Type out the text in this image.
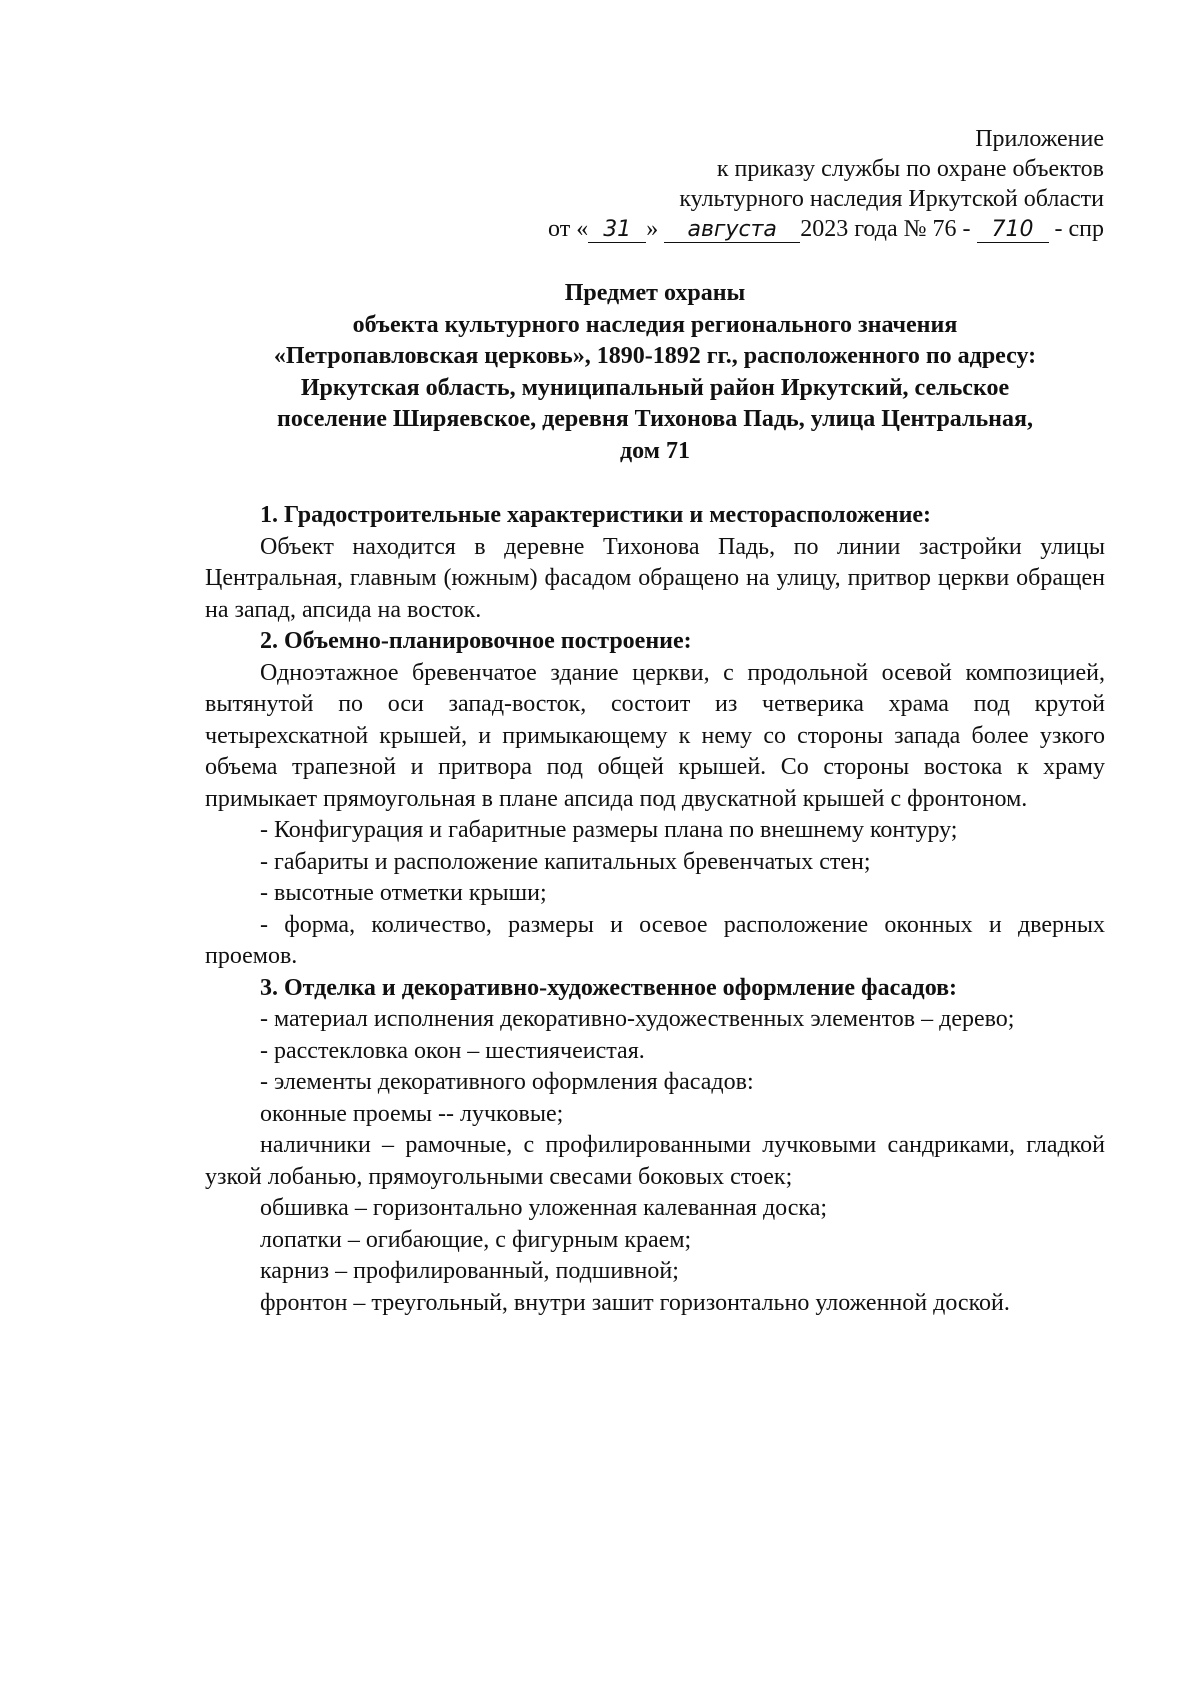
Приложение
к приказу службы по охране объектов
культурного наследия Иркутской области
от « 31 » августа 2023 года № 76 - 710 - спр
Предмет охраны
объекта культурного наследия регионального значения
«Петропавловская церковь», 1890-1892 гг., расположенного по адресу:
Иркутская область, муниципальный район Иркутский, сельское
поселение Ширяевское, деревня Тихонова Падь, улица Центральная,
дом 71

1. Градостроительные характеристики и месторасположение:

Объект находится в деревне Тихонова Падь, по линии застройки улицы Центральная, главным (южным) фасадом обращено на улицу, притвор церкви обращен на запад, апсида на восток.

2. Объемно-планировочное построение:

Одноэтажное бревенчатое здание церкви, с продольной осевой композицией, вытянутой по оси запад-восток, состоит из четверика храма под крутой четырехскатной крышей, и примыкающему к нему со стороны запада более узкого объема трапезной и притвора под общей крышей. Со стороны востока к храму примыкает прямоугольная в плане апсида под двускатной крышей с фронтоном.

- Конфигурация и габаритные размеры плана по внешнему контуру;

- габариты и расположение капитальных бревенчатых стен;

- высотные отметки крыши;

- форма, количество, размеры и осевое расположение оконных и дверных проемов.

3. Отделка и декоративно-художественное оформление фасадов:

- материал исполнения декоративно-художественных элементов – дерево;

- расстекловка окон – шестиячеистая.

- элементы декоративного оформления фасадов:

оконные проемы -- лучковые;

наличники – рамочные, с профилированными лучковыми сандриками, гладкой узкой лобанью, прямоугольными свесами боковых стоек;

обшивка – горизонтально уложенная калеванная доска;

лопатки – огибающие, с фигурным краем;

карниз – профилированный, подшивной;

фронтон – треугольный, внутри зашит горизонтально уложенной доской.
